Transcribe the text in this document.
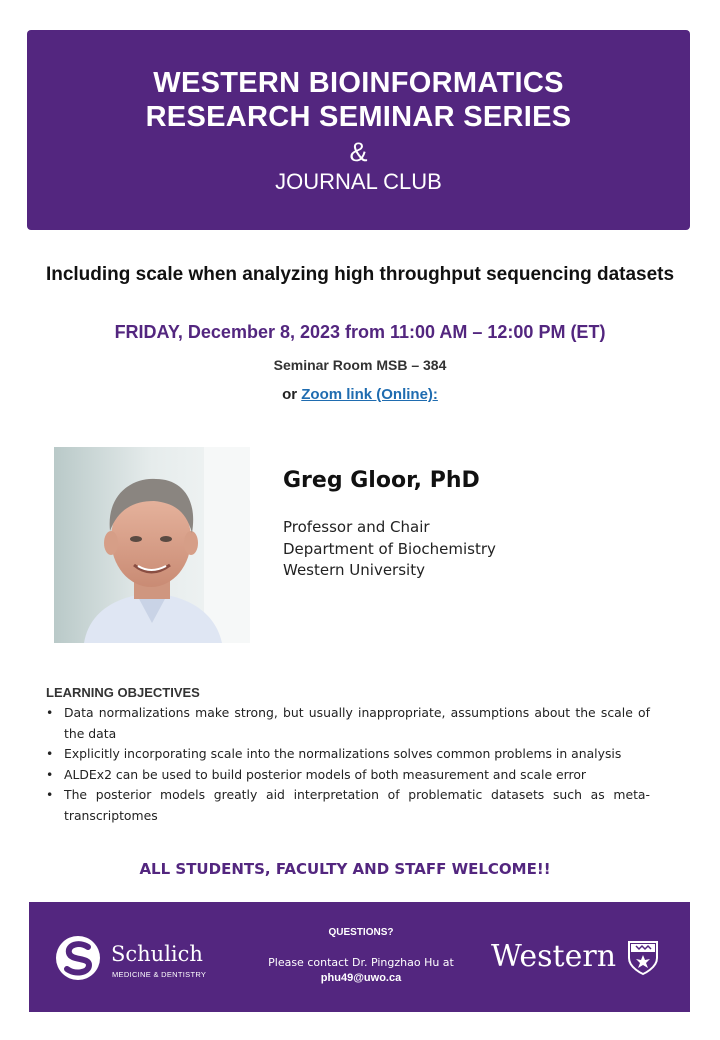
WESTERN BIOINFORMATICS
RESEARCH SEMINAR SERIES
&
JOURNAL CLUB
Including scale when analyzing high throughput sequencing datasets
FRIDAY, December 8, 2023 from 11:00 AM – 12:00 PM (ET)
Seminar Room MSB – 384
or Zoom link (Online):
Greg Gloor, PhD
Professor and Chair
Department of Biochemistry
Western University
LEARNING OBJECTIVES
• Data normalizations make strong, but usually inappropriate, assumptions about the scale of the data
• Explicitly incorporating scale into the normalizations solves common problems in analysis
• ALDEx2 can be used to build posterior models of both measurement and scale error
• The posterior models greatly aid interpretation of problematic datasets such as meta-transcriptomes
ALL STUDENTS, FACULTY AND STAFF WELCOME!!
Schulich
MEDICINE & DENTISTRY
QUESTIONS?
Please contact Dr. Pingzhao Hu at
phu49@uwo.ca
Western
